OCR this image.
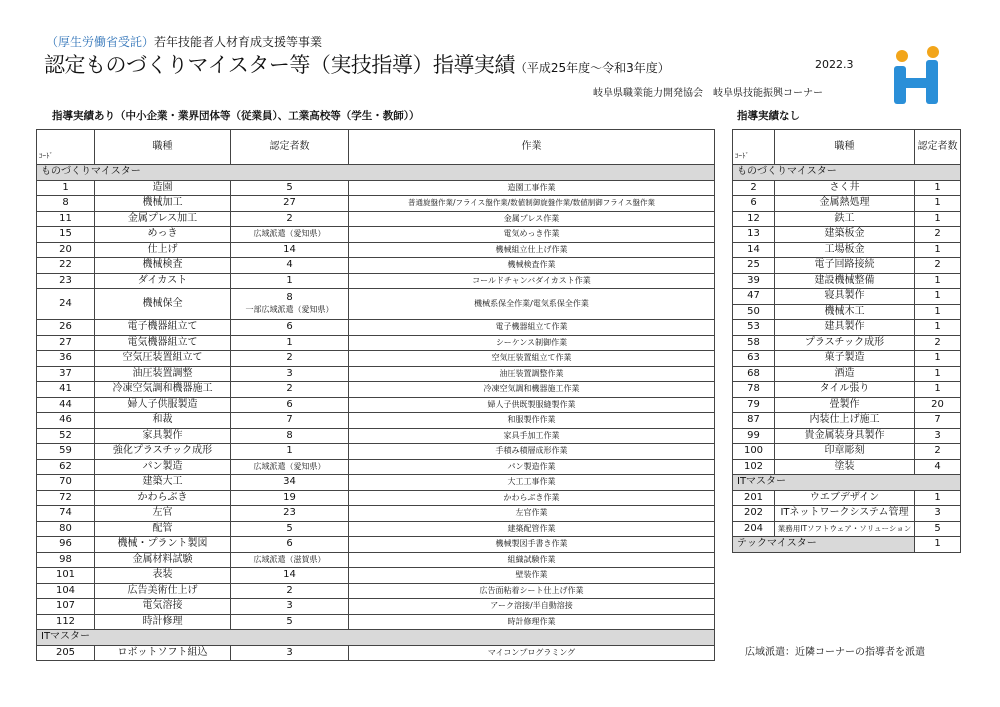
（厚生労働省受託）若年技能者人材育成支援等事業
認定ものづくりマイスター等（実技指導）指導実績（平成25年度～令和3年度）	2022.3
岐阜県職業能力開発協会　岐阜県技能振興コーナー
指導実績あり（中小企業・業界団体等（従業員）、工業高校等（学生・教師））	指導実績なし
ｺｰﾄﾞ	職種	認定者数	作業
ものづくりマイスター			
1	造園	5	造園工事作業
8	機械加工	27	普通旋盤作業/フライス盤作業/数値制御旋盤作業/数値制御フライス盤作業
11	金属プレス加工	2	金属プレス作業
15	めっき	広域派遣（愛知県）	電気めっき作業
20	仕上げ	14	機械組立仕上げ作業
22	機械検査	4	機械検査作業
23	ダイカスト	1	コールドチャンバダイカスト作業
24	機械保全	8
一部広域派遣（愛知県）	機械系保全作業/電気系保全作業
26	電子機器組立て	6	電子機器組立て作業
27	電気機器組立て	1	シーケンス制御作業
36	空気圧装置組立て	2	空気圧装置組立て作業
37	油圧装置調整	3	油圧装置調整作業
41	冷凍空気調和機器施工	2	冷凍空気調和機器施工作業
44	婦人子供服製造	6	婦人子供既製服縫製作業
46	和裁	7	和服製作作業
52	家具製作	8	家具手加工作業
59	強化プラスチック成形	1	手積み積層成形作業
62	パン製造	広域派遣（愛知県）	パン製造作業
70	建築大工	34	大工工事作業
72	かわらぶき	19	かわらぶき作業
74	左官	23	左官作業
80	配管	5	建築配管作業
96	機械・プラント製図	6	機械製図手書き作業
98	金属材料試験	広域派遣（滋賀県）	組織試験作業
101	表装	14	壁装作業
104	広告美術仕上げ	2	広告面粘着シート仕上げ作業
107	電気溶接	3	アーク溶接/半自動溶接
112	時計修理	5	時計修理作業
ITマスター			
205	ロボットソフト組込	3	マイコンプログラミング
ｺｰﾄﾞ	職種	認定者数
ものづくりマイスター		
2	さく井	1
6	金属熱処理	1
12	鉄工	1
13	建築板金	2
14	工場板金	1
25	電子回路接続	2
39	建設機械整備	1
47	寝具製作	1
50	機械木工	1
53	建具製作	1
58	プラスチック成形	2
63	菓子製造	1
68	酒造	1
78	タイル張り	1
79	畳製作	20
87	内装仕上げ施工	7
99	貴金属装身具製作	3
100	印章彫刻	2
102	塗装	4
ITマスター		
201	ウエブデザイン	1
202	ITネットワークシステム管理	3
204	業務用ITソフトウェア・ソリューション	5
テックマイスター		1
広域派遣：近隣コーナーの指導者を派遣
